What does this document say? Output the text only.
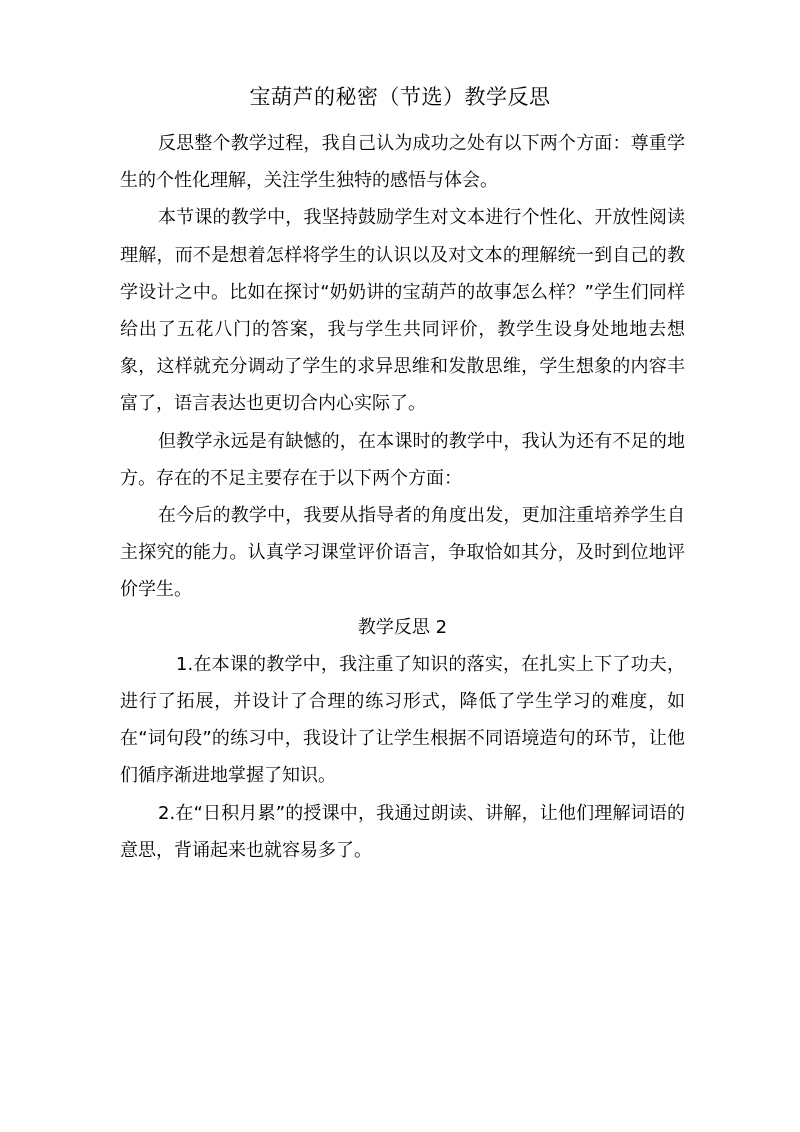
宝葫芦的秘密（节选）教学反思

反思整个教学过程，我自己认为成功之处有以下两个方面：尊重学生的个性化理解，关注学生独特的感悟与体会。

本节课的教学中，我坚持鼓励学生对文本进行个性化、开放性阅读理解，而不是想着怎样将学生的认识以及对文本的理解统一到自己的教学设计之中。比如在探讨“奶奶讲的宝葫芦的故事怎么样？”学生们同样给出了五花八门的答案，我与学生共同评价，教学生设身处地地去想象，这样就充分调动了学生的求异思维和发散思维，学生想象的内容丰富了，语言表达也更切合内心实际了。

但教学永远是有缺憾的，在本课时的教学中，我认为还有不足的地方。存在的不足主要存在于以下两个方面：

在今后的教学中，我要从指导者的角度出发，更加注重培养学生自主探究的能力。认真学习课堂评价语言，争取恰如其分，及时到位地评价学生。

教学反思 2

1.在本课的教学中，我注重了知识的落实，在扎实上下了功夫，进行了拓展，并设计了合理的练习形式，降低了学生学习的难度，如在“词句段”的练习中，我设计了让学生根据不同语境造句的环节，让他们循序渐进地掌握了知识。

2.在“日积月累”的授课中，我通过朗读、讲解，让他们理解词语的意思，背诵起来也就容易多了。
